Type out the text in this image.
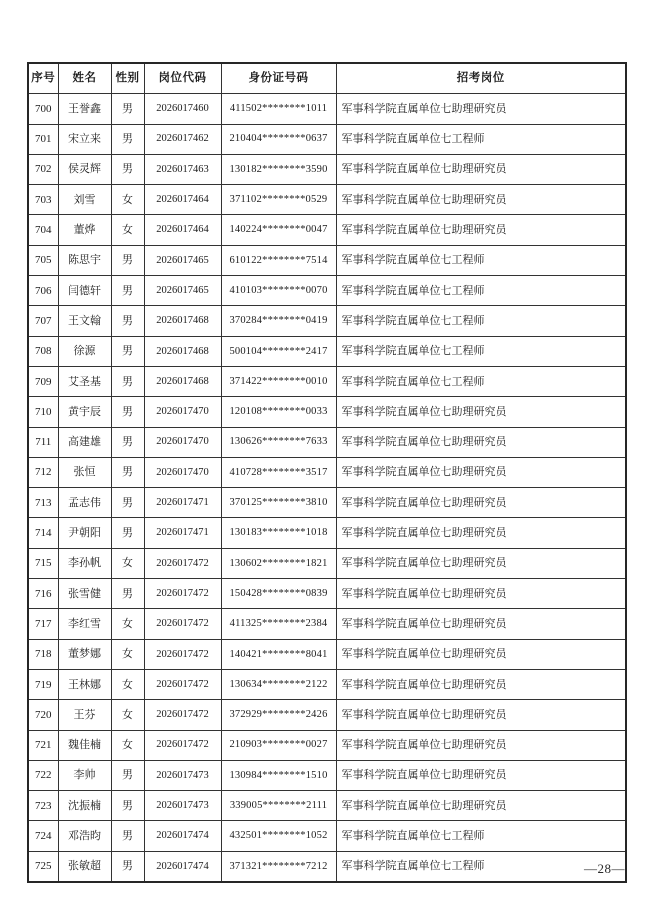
序号	姓名	性别	岗位代码	身份证号码	招考岗位
700	王誉鑫	男	2026017460	411502********1011	军事科学院直属单位七助理研究员
701	宋立来	男	2026017462	210404********0637	军事科学院直属单位七工程师
702	侯灵辉	男	2026017463	130182********3590	军事科学院直属单位七助理研究员
703	刘雪	女	2026017464	371102********0529	军事科学院直属单位七助理研究员
704	董烨	女	2026017464	140224********0047	军事科学院直属单位七助理研究员
705	陈思宇	男	2026017465	610122********7514	军事科学院直属单位七工程师
706	闫德轩	男	2026017465	410103********0070	军事科学院直属单位七工程师
707	王文翰	男	2026017468	370284********0419	军事科学院直属单位七工程师
708	徐源	男	2026017468	500104********2417	军事科学院直属单位七工程师
709	艾圣基	男	2026017468	371422********0010	军事科学院直属单位七工程师
710	黄宇辰	男	2026017470	120108********0033	军事科学院直属单位七助理研究员
711	高建雄	男	2026017470	130626********7633	军事科学院直属单位七助理研究员
712	张恒	男	2026017470	410728********3517	军事科学院直属单位七助理研究员
713	孟志伟	男	2026017471	370125********3810	军事科学院直属单位七助理研究员
714	尹朝阳	男	2026017471	130183********1018	军事科学院直属单位七助理研究员
715	李孙帆	女	2026017472	130602********1821	军事科学院直属单位七助理研究员
716	张雪健	男	2026017472	150428********0839	军事科学院直属单位七助理研究员
717	李红雪	女	2026017472	411325********2384	军事科学院直属单位七助理研究员
718	董梦娜	女	2026017472	140421********8041	军事科学院直属单位七助理研究员
719	王林娜	女	2026017472	130634********2122	军事科学院直属单位七助理研究员
720	王芬	女	2026017472	372929********2426	军事科学院直属单位七助理研究员
721	魏佳楠	女	2026017472	210903********0027	军事科学院直属单位七助理研究员
722	李帅	男	2026017473	130984********1510	军事科学院直属单位七助理研究员
723	沈振楠	男	2026017473	339005********2111	军事科学院直属单位七助理研究员
724	邓浩昀	男	2026017474	432501********1052	军事科学院直属单位七工程师
725	张敏超	男	2026017474	371321********7212	军事科学院直属单位七工程师	—28—
